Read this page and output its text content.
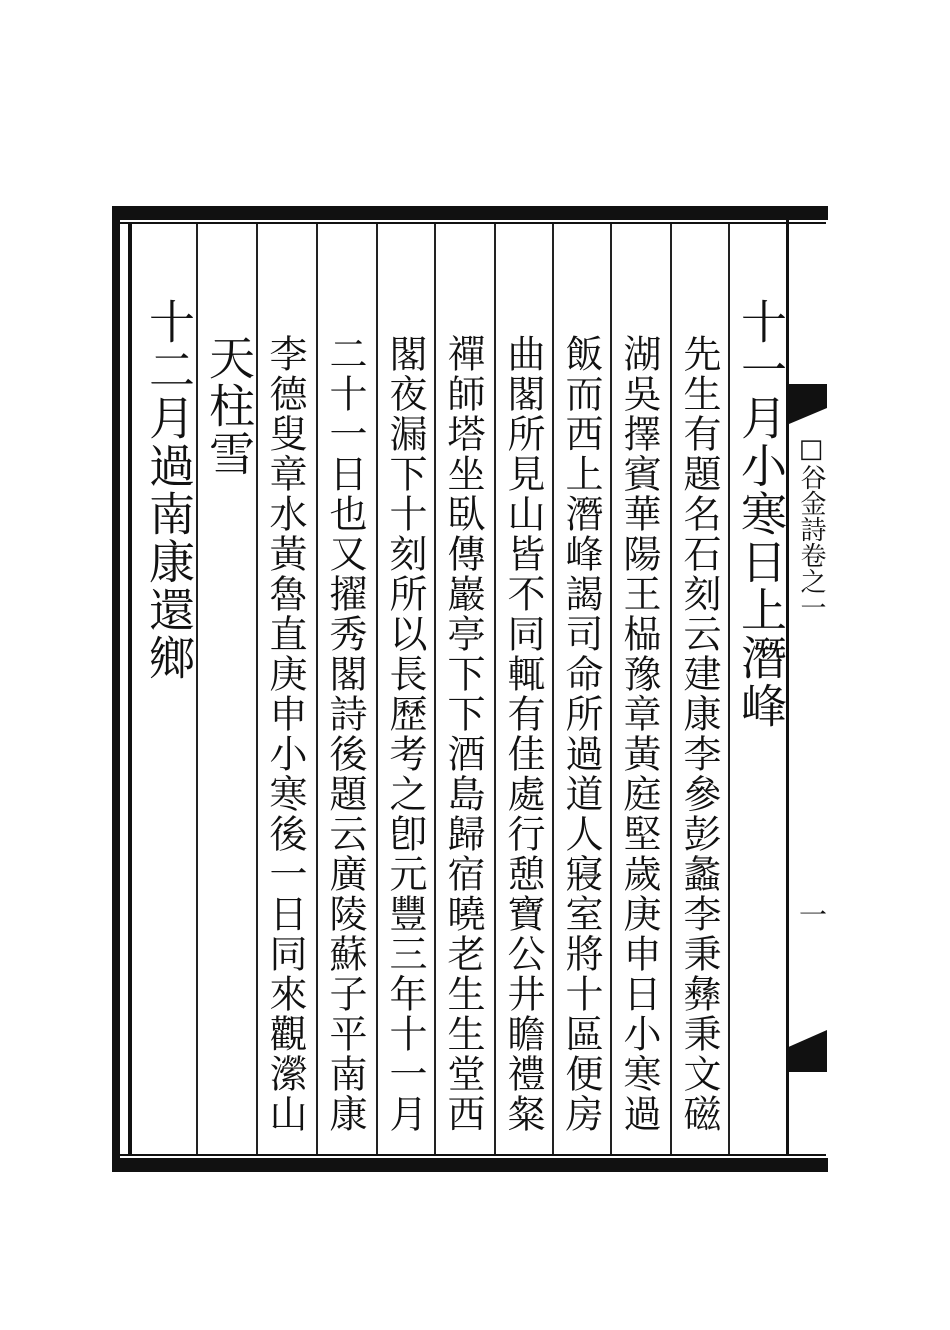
□谷金詩卷之一
一
十一月小寒日上潛峰
先生有題名石刻云建康李參彭蠡李秉彝秉文磁
湖吳擇賓華陽王榀豫章黃庭堅歲庚申日小寒過
飯而西上潛峰謁司命所過道人寢室將十區便房
曲閣所見山皆不同輒有佳處行憩寶公井瞻禮粲
禪師塔坐臥傳巖亭下下酒島歸宿曉老生生堂西
閣夜漏下十刻所以長歷考之卽元豐三年十一月
二十一日也又擢秀閣詩後題云廣陵蘇子平南康
李德叟章水黃魯直庚申小寒後一日同來觀瀠山
天柱雪
十二月過南康還鄉
